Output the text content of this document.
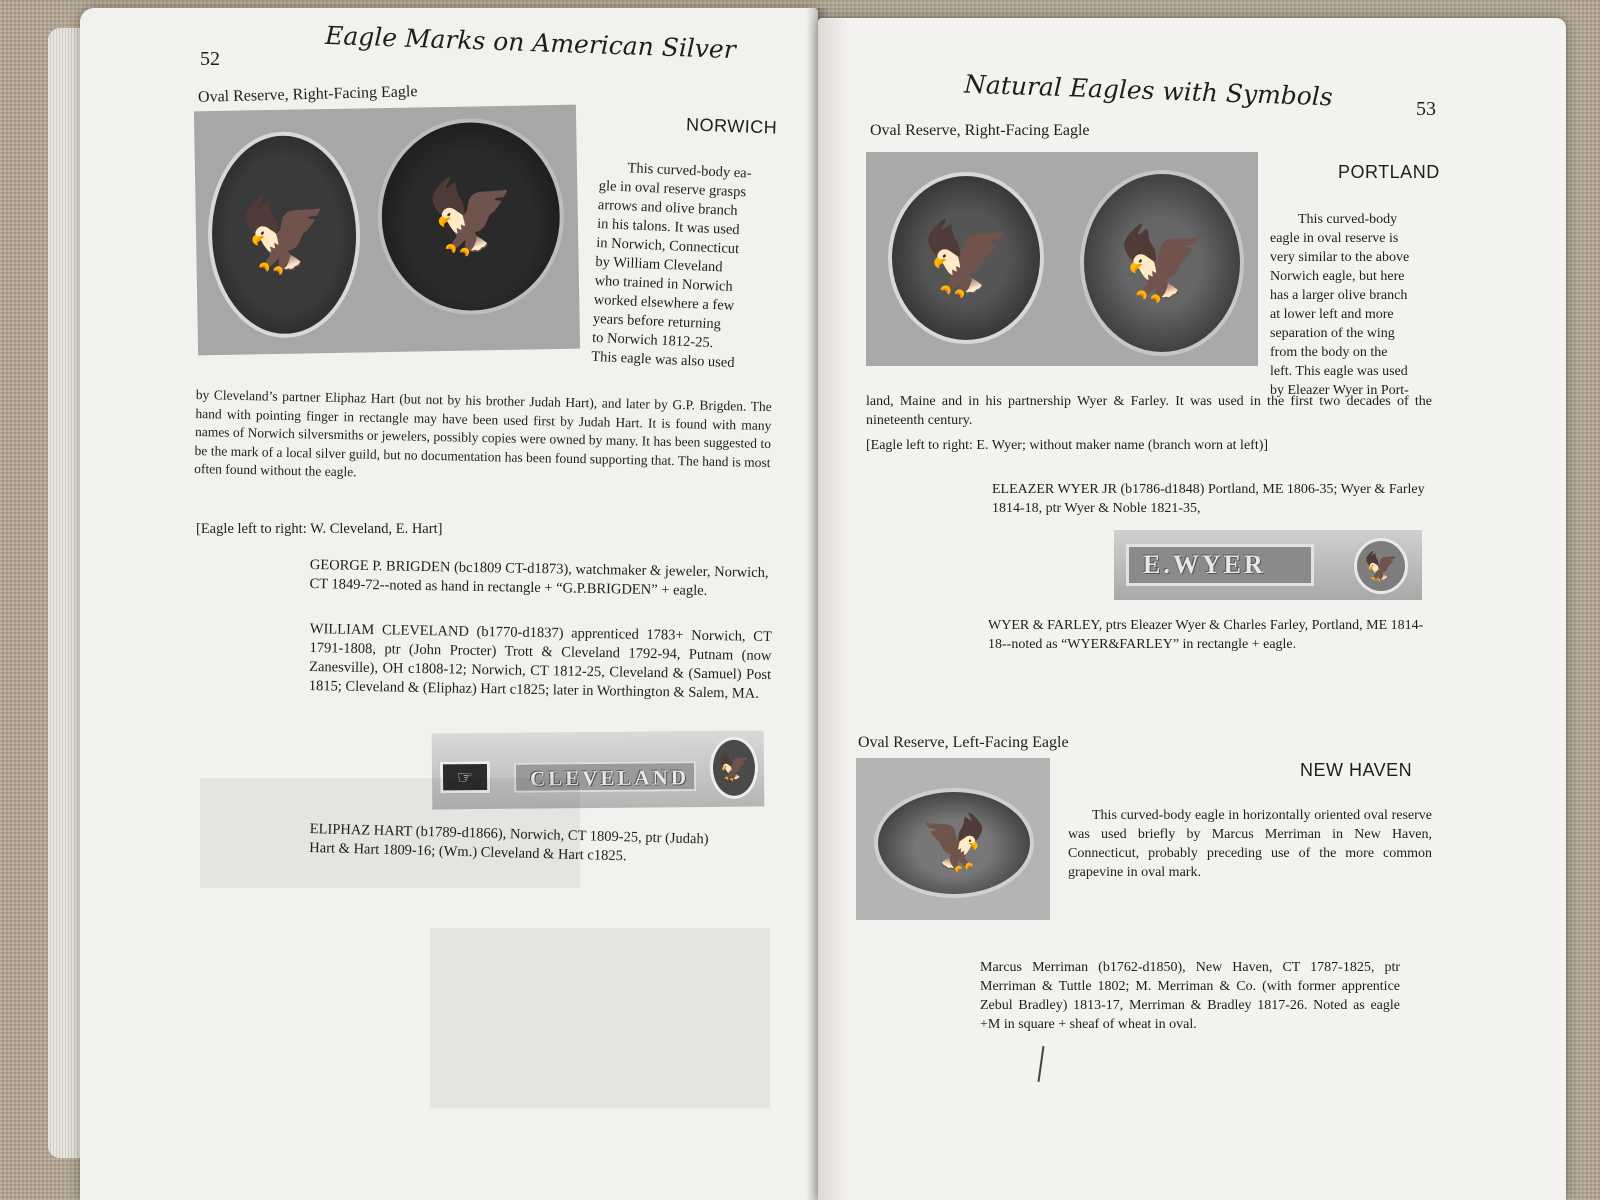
52	Eagle Marks on American Silver
Oval Reserve, Right-Facing Eagle
🦅	🦅
NORWICH
This curved-body ea-
gle in oval reserve grasps
arrows and olive branch
in his talons. It was used
in Norwich, Connecticut
by William Cleveland
who trained in Norwich
worked elsewhere a few
years before returning
to Norwich 1812-25.
This eagle was also used
by Cleveland’s partner Eliphaz Hart (but not by his brother Judah Hart), and later by G.P. Brigden. The hand with pointing finger in rectangle may have been used first by Judah Hart. It is found with many names of Norwich silversmiths or jewelers, possibly copies were owned by many. It has been suggested to be the mark of a local silver guild, but no documentation has been found supporting that. The hand is most often found without the eagle.
[Eagle left to right: W. Cleveland, E. Hart]
GEORGE P. BRIGDEN (bc1809 CT-d1873), watchmaker & jeweler, Norwich, CT 1849-72--noted as hand in rectangle + “G.P.BRIGDEN” + eagle.
WILLIAM CLEVELAND (b1770-d1837) apprenticed 1783+ Norwich, CT 1791-1808, ptr (John Procter) Trott & Cleveland 1792-94, Putnam (now Zanesville), OH c1808-12; Norwich, CT 1812-25, Cleveland & (Samuel) Post 1815; Cleveland & (Eliphaz) Hart c1825; later in Worthington & Salem, MA.
☞	CLEVELAND 🦅
ELIPHAZ HART (b1789-d1866), Norwich, CT 1809-25, ptr (Judah) Hart & Hart 1809-16; (Wm.) Cleveland & Hart c1825.
Natural Eagles with Symbols	53
Oval Reserve, Right-Facing Eagle
🦅	🦅
PORTLAND
This curved-body
eagle in oval reserve is
very similar to the above
Norwich eagle, but here
has a larger olive branch
at lower left and more
separation of the wing
from the body on the
left. This eagle was used
by Eleazer Wyer in Port-
land, Maine and in his partnership Wyer & Farley. It was used in the first two decades of the nineteenth century.
[Eagle left to right: E. Wyer; without maker name (branch worn at left)]
ELEAZER WYER JR (b1786-d1848) Portland, ME 1806-35; Wyer & Farley 1814-18, ptr Wyer & Noble 1821-35,
E.WYER	🦅
WYER & FARLEY, ptrs Eleazer Wyer & Charles Farley, Portland, ME 1814-18--noted as “WYER&FARLEY” in rectangle + eagle.
Oval Reserve, Left-Facing Eagle
🦅
NEW HAVEN
This curved-body eagle in horizontally oriented oval reserve was used briefly by Marcus Merriman in New Haven, Connecticut, probably preceding use of the more common grapevine in oval mark.
Marcus Merriman (b1762-d1850), New Haven, CT 1787-1825, ptr Merriman & Tuttle 1802; M. Merriman & Co. (with former apprentice Zebul Bradley) 1813-17, Merriman & Bradley 1817-26. Noted as eagle +M in square + sheaf of wheat in oval.
